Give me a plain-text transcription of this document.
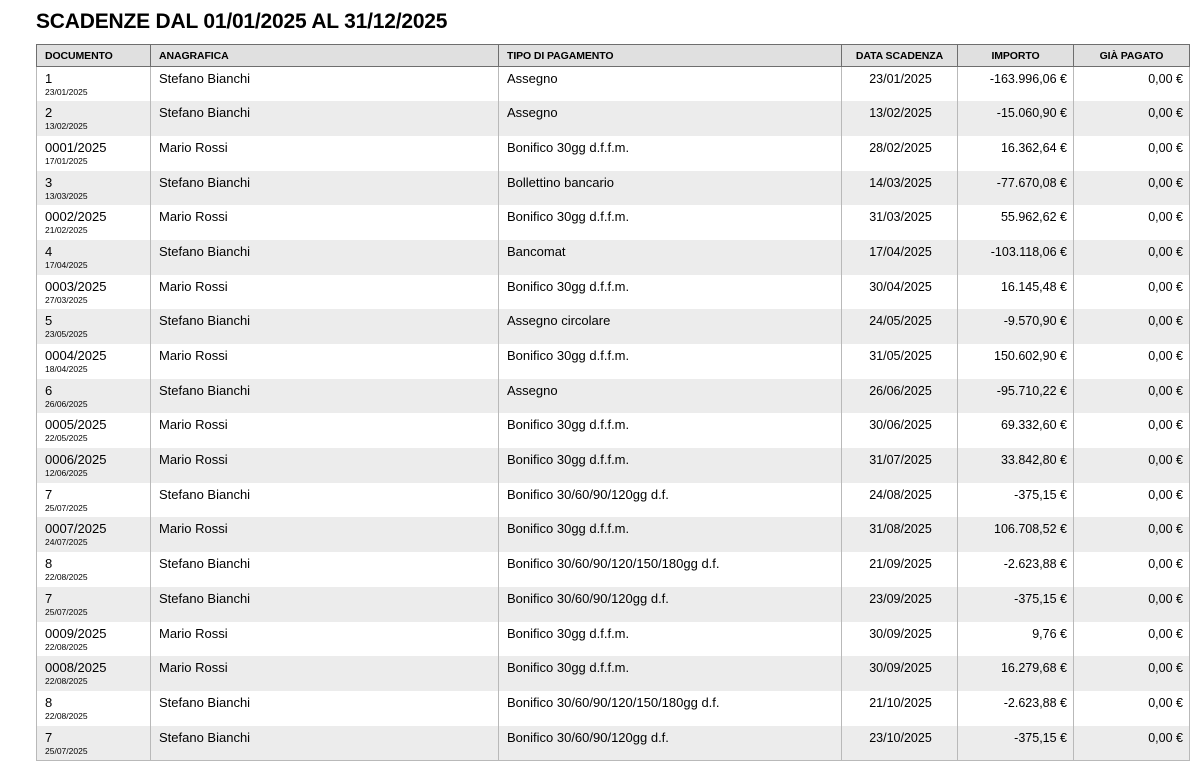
SCADENZE DAL 01/01/2025 AL 31/12/2025
DOCUMENTO	ANAGRAFICA	TIPO DI PAGAMENTO	DATA SCADENZA	IMPORTO	GIÀ PAGATO

1
23/01/2025	Stefano Bianchi	Assegno	23/01/2025	-163.996,06 €	0,00 €

2
13/02/2025	Stefano Bianchi	Assegno	13/02/2025	-15.060,90 €	0,00 €

0001/2025
17/01/2025	Mario Rossi	Bonifico 30gg d.f.f.m.	28/02/2025	16.362,64 €	0,00 €

3
13/03/2025	Stefano Bianchi	Bollettino bancario	14/03/2025	-77.670,08 €	0,00 €

0002/2025
21/02/2025	Mario Rossi	Bonifico 30gg d.f.f.m.	31/03/2025	55.962,62 €	0,00 €

4
17/04/2025	Stefano Bianchi	Bancomat	17/04/2025	-103.118,06 €	0,00 €

0003/2025
27/03/2025	Mario Rossi	Bonifico 30gg d.f.f.m.	30/04/2025	16.145,48 €	0,00 €

5
23/05/2025	Stefano Bianchi	Assegno circolare	24/05/2025	-9.570,90 €	0,00 €

0004/2025
18/04/2025	Mario Rossi	Bonifico 30gg d.f.f.m.	31/05/2025	150.602,90 €	0,00 €

6
26/06/2025	Stefano Bianchi	Assegno	26/06/2025	-95.710,22 €	0,00 €

0005/2025
22/05/2025	Mario Rossi	Bonifico 30gg d.f.f.m.	30/06/2025	69.332,60 €	0,00 €

0006/2025
12/06/2025	Mario Rossi	Bonifico 30gg d.f.f.m.	31/07/2025	33.842,80 €	0,00 €

7
25/07/2025	Stefano Bianchi	Bonifico 30/60/90/120gg d.f.	24/08/2025	-375,15 €	0,00 €

0007/2025
24/07/2025	Mario Rossi	Bonifico 30gg d.f.f.m.	31/08/2025	106.708,52 €	0,00 €

8
22/08/2025	Stefano Bianchi	Bonifico 30/60/90/120/150/180gg d.f.	21/09/2025	-2.623,88 €	0,00 €

7
25/07/2025	Stefano Bianchi	Bonifico 30/60/90/120gg d.f.	23/09/2025	-375,15 €	0,00 €

0009/2025
22/08/2025	Mario Rossi	Bonifico 30gg d.f.f.m.	30/09/2025	9,76 €	0,00 €

0008/2025
22/08/2025	Mario Rossi	Bonifico 30gg d.f.f.m.	30/09/2025	16.279,68 €	0,00 €

8
22/08/2025	Stefano Bianchi	Bonifico 30/60/90/120/150/180gg d.f.	21/10/2025	-2.623,88 €	0,00 €

7
25/07/2025	Stefano Bianchi	Bonifico 30/60/90/120gg d.f.	23/10/2025	-375,15 €	0,00 €
